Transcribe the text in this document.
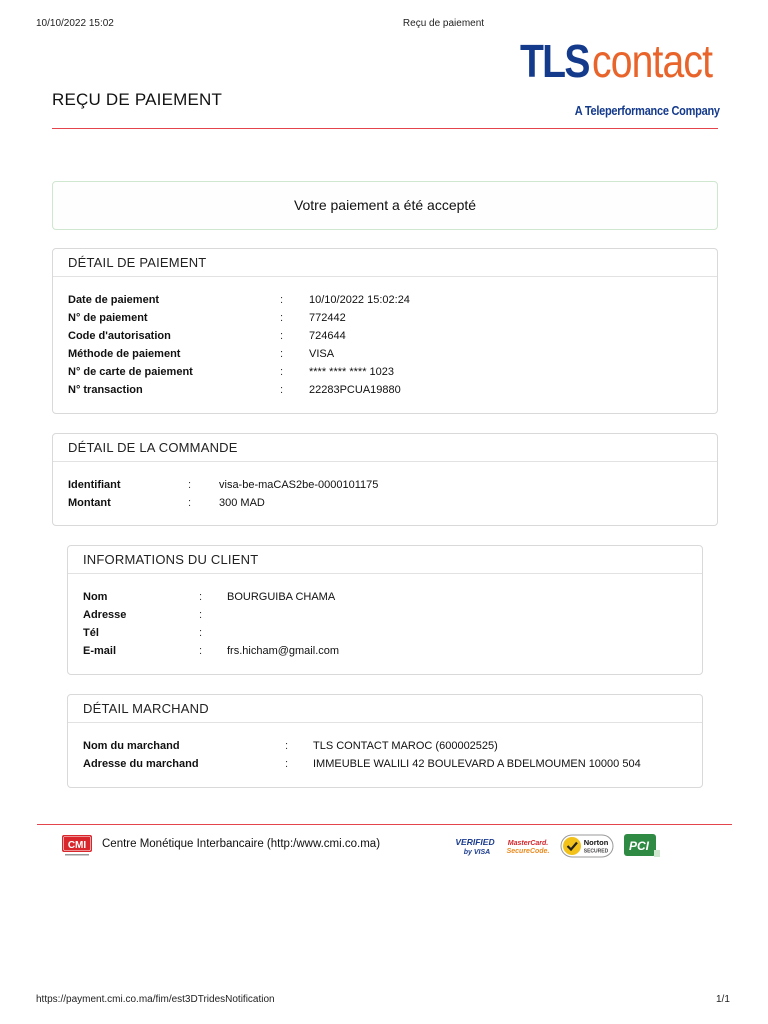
10/10/2022 15:02	Reçu de paiement
TLS contact
A Teleperformance Company
REÇU DE PAIEMENT
Votre paiement a été accepté
DÉTAIL DE PAIEMENT
Date de paiement	: 10/10/2022 15:02:24
N° de paiement	: 772442
Code d'autorisation	: 724644
Méthode de paiement	: VISA
N° de carte de paiement	: **** **** **** 1023
N° transaction	: 22283PCUA19880
DÉTAIL DE LA COMMANDE
Identifiant	:	visa-be-maCAS2be-0000101175
Montant	:	300 MAD
INFORMATIONS DU CLIENT
Nom	: BOURGUIBA CHAMA
Adresse	:
Tél	:
E-mail	: frs.hicham@gmail.com
DÉTAIL MARCHAND
Nom du marchand	: TLS CONTACT MAROC (600002525)
Adresse du marchand	: IMMEUBLE WALILI 42 BOULEVARD A BDELMOUMEN 10000 504
CMI Centre Monétique Interbancaire (http:/www.cmi.co.ma)	VERIFIED
by VISA
MasterCard.
SecureCode.
Norton
SECURED PCI
https://payment.cmi.co.ma/fim/est3DTridesNotification	1/1
